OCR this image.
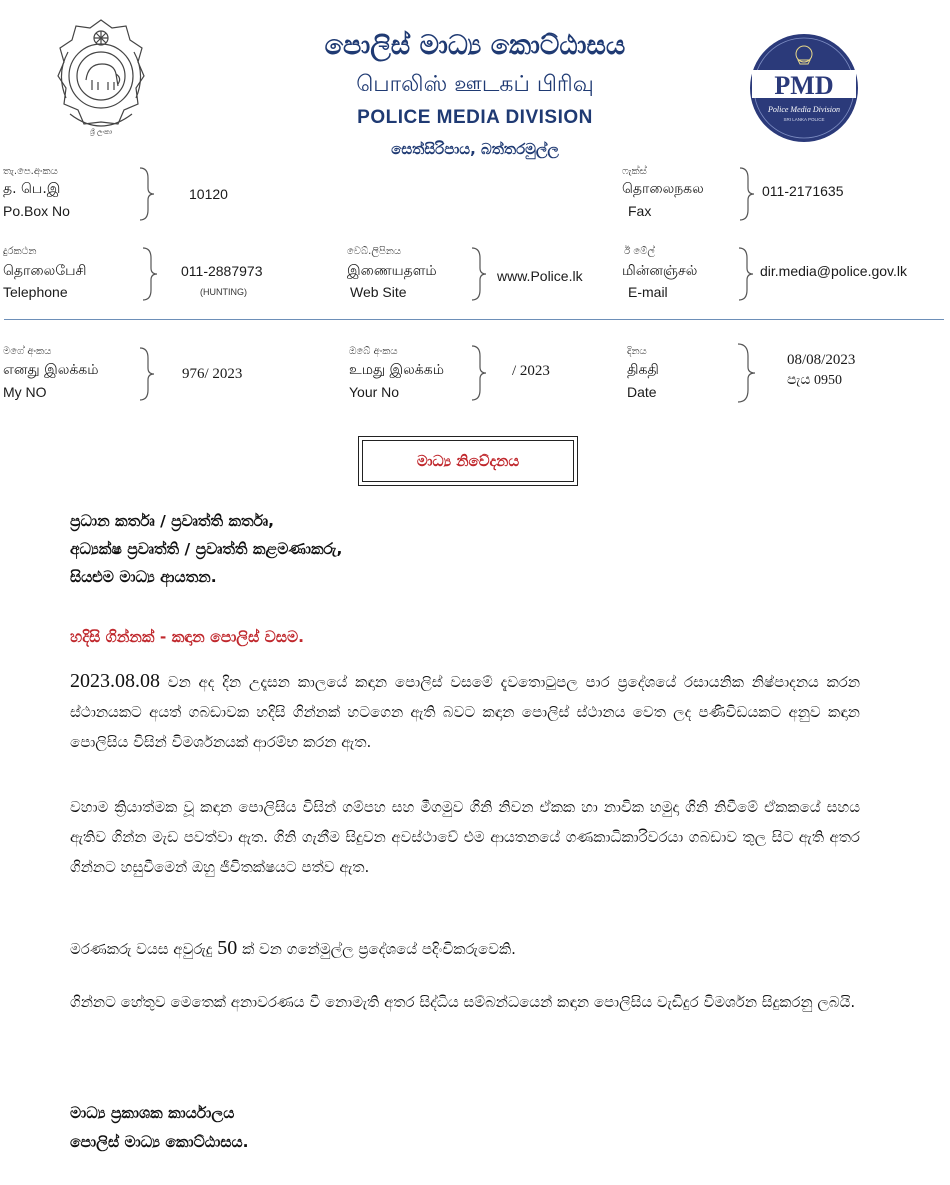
ශ්‍රී ලංකා
පොලිස් මාධ්‍ය කොට්ඨාසය
பொலிஸ் ஊடகப் பிரிவு
POLICE MEDIA DIVISION
සෙත්සිරිපාය, බත්තරමුල්ල
PMD
Police Media Division
SRI LANKA POLICE
තැ.පෙ.අංකය
த. பெ.இ
Po.Box No
10120
ෆැක්ස්
தொலைநகல
Fax
011-2171635
දුරකථන
தொலைபேசி
Telephone
011-2887973
(HUNTING)
වෙබ්.ලිපිනය
இணையதளம்
Web Site
www.Police.lk
ඊ මේල්
மின்னஞ்சல்
E-mail
dir.media@police.gov.lk
මගේ අංකය
எனது இலக்கம்
My NO
976/ 2023
ඔබේ අංකය
உமது இலக்கம்
Your No
/ 2023
දිනය
திகதி
Date
08/08/2023
පැය 0950
මාධ්‍ය නිවේදනය
ප්‍රධාන කර්තෘ / ප්‍රවෘත්ති කර්තෘ,
අධ්‍යක්ෂ ප්‍රවෘත්ති / ප්‍රවෘත්ති කළමණාකරු,
සියළුම මාධ්‍ය ආයතන.
හදිසි ගින්නක් - කඳාන පොලිස් වසම.
2023.08.08 වන අද දින උදෑසන කාලයේ කඳාන පොලිස් වසමේ දැවතොටුපල පාර ප්‍රදේශයේ රසායනික නිෂ්පාදනය කරන ස්ථානයකට අයත් ගබඩාවක හදිසි ගින්නක් හටගෙන ඇති බවට කඳාන පොලිස් ස්ථානය වෙත ලද පණිවිඩයකට අනුව කඳාන පොලිසිය විසින් විමර්ශනයක් ආරම්භ කරන ඇත.
වහාම ක්‍රියාත්මක වූ කඳාන පොලිසිය විසින් ගම්පහ සහ මීගමුව ගිනි නිවන ඒකක හා නාවික හමුදා ගිනි නිවීමේ ඒකකයේ සහය ඇතිව ගින්න මැඩ පවත්වා ඇත. ගිනි ගැනීම සිදුවන අවස්ථාවේ එම ආයතනයේ ගණකාධිකාරිවරයා ගබඩාව තුල සිට ඇති අතර ගින්නට හසුවීමෙන් ඔහු ජීවිතක්ෂයට පත්ව ඇත.
මරණකරු වයස අවුරුදු 50 ක් වන ගනේමුල්ල ප්‍රදේශයේ පදිංචිකරුවෙකි.
ගින්නට හේතුව මෙතෙක් අනාවරණය වී නොමැති අතර සිද්ධිය සම්බන්ධයෙන් කඳාන පොලිසිය වැඩිදුර විමර්ශන සිදුකරනු ලබයි.
මාධ්‍ය ප්‍රකාශක කාර්යාලය
පොලිස් මාධ්‍ය කොට්ඨාසය.
